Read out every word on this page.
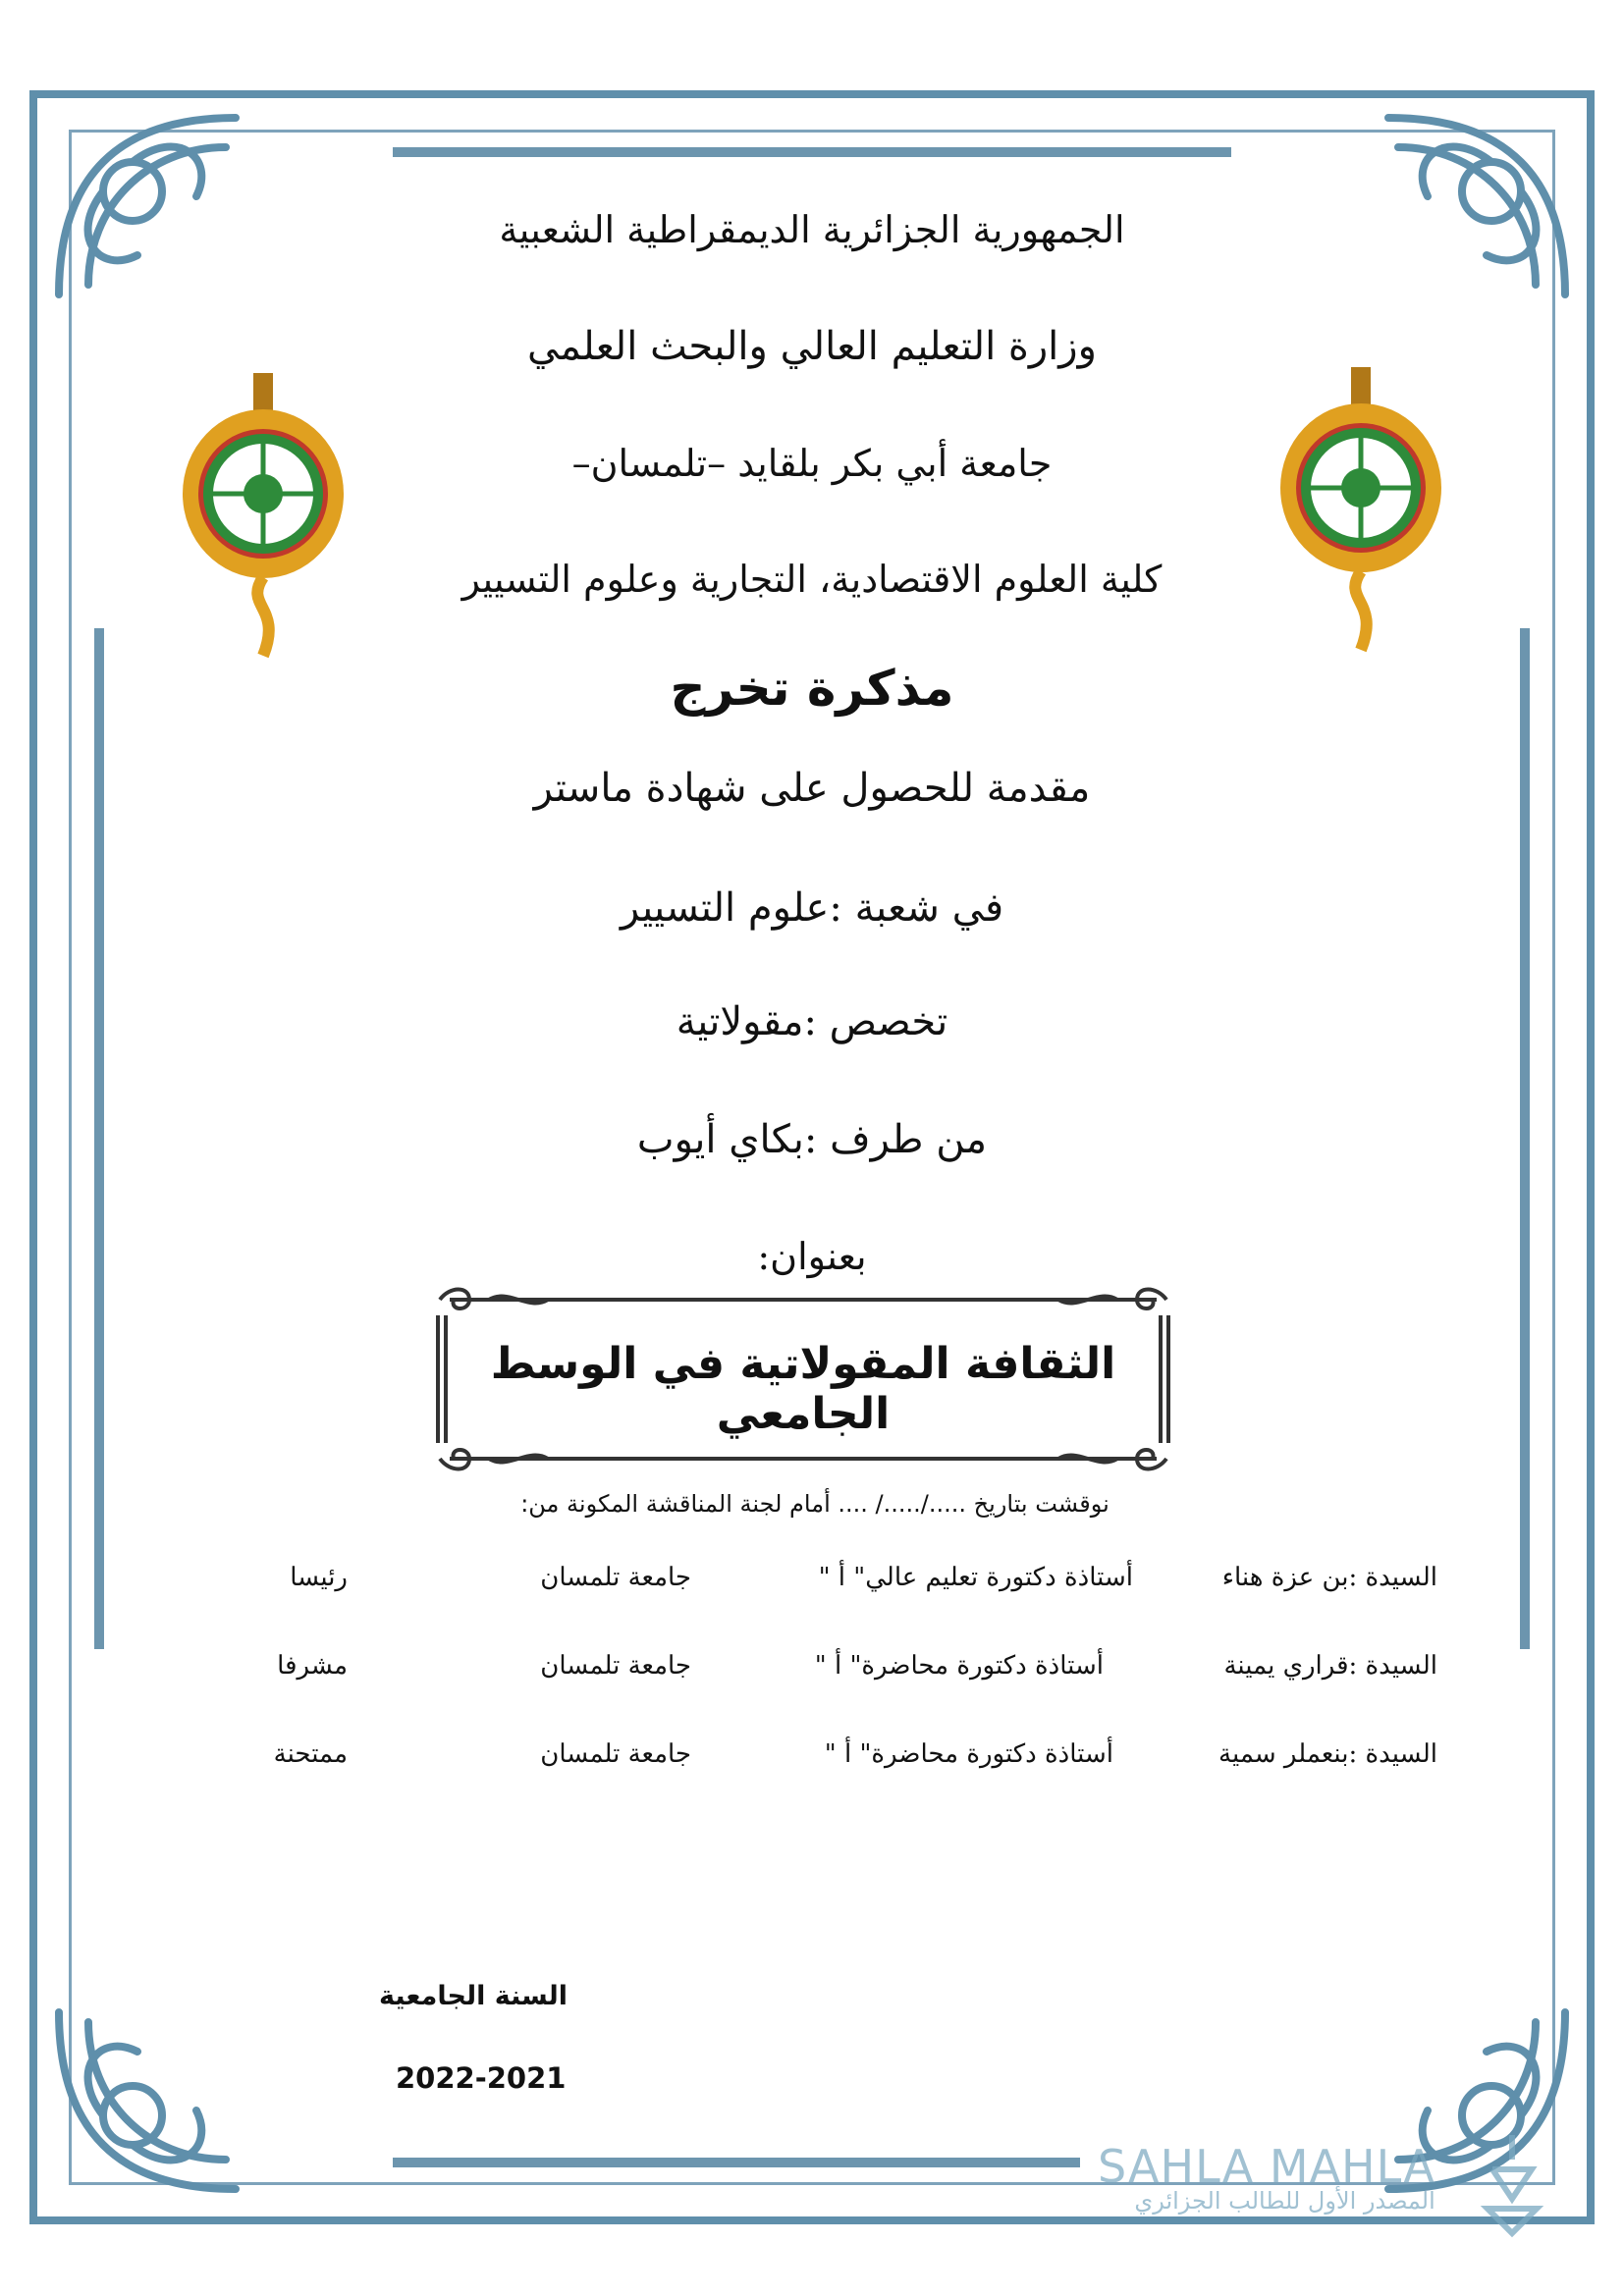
الجمهورية الجزائرية الديمقراطية الشعبية
وزارة التعليم العالي والبحث العلمي
جامعة أبي بكر بلقايد –تلمسان–
كلية العلوم الاقتصادية، التجارية وعلوم التسيير
مذكرة تخرج
مقدمة للحصول على شهادة ماستر
في شعبة :علوم التسيير
تخصص :مقولاتية
من طرف :بكاي أيوب
بعنوان:
الثقافة المقولاتية في الوسط الجامعي
نوقشت بتاريخ ...../...../ .... أمام لجنة المناقشة المكونة من:
السيدة :بن عزة هناء
أستاذة دكتورة تعليم عالي" أ "
جامعة تلمسان
رئيسا
السيدة :قراري يمينة
أستاذة دكتورة محاضرة" أ "
جامعة تلمسان
مشرفا
السيدة :بنعملر سمية
أستاذة دكتورة محاضرة" أ "
جامعة تلمسان
ممتحنة
السنة الجامعية
2022-2021
SAHLA MAHLA
المصدر الأول للطالب الجزائري
